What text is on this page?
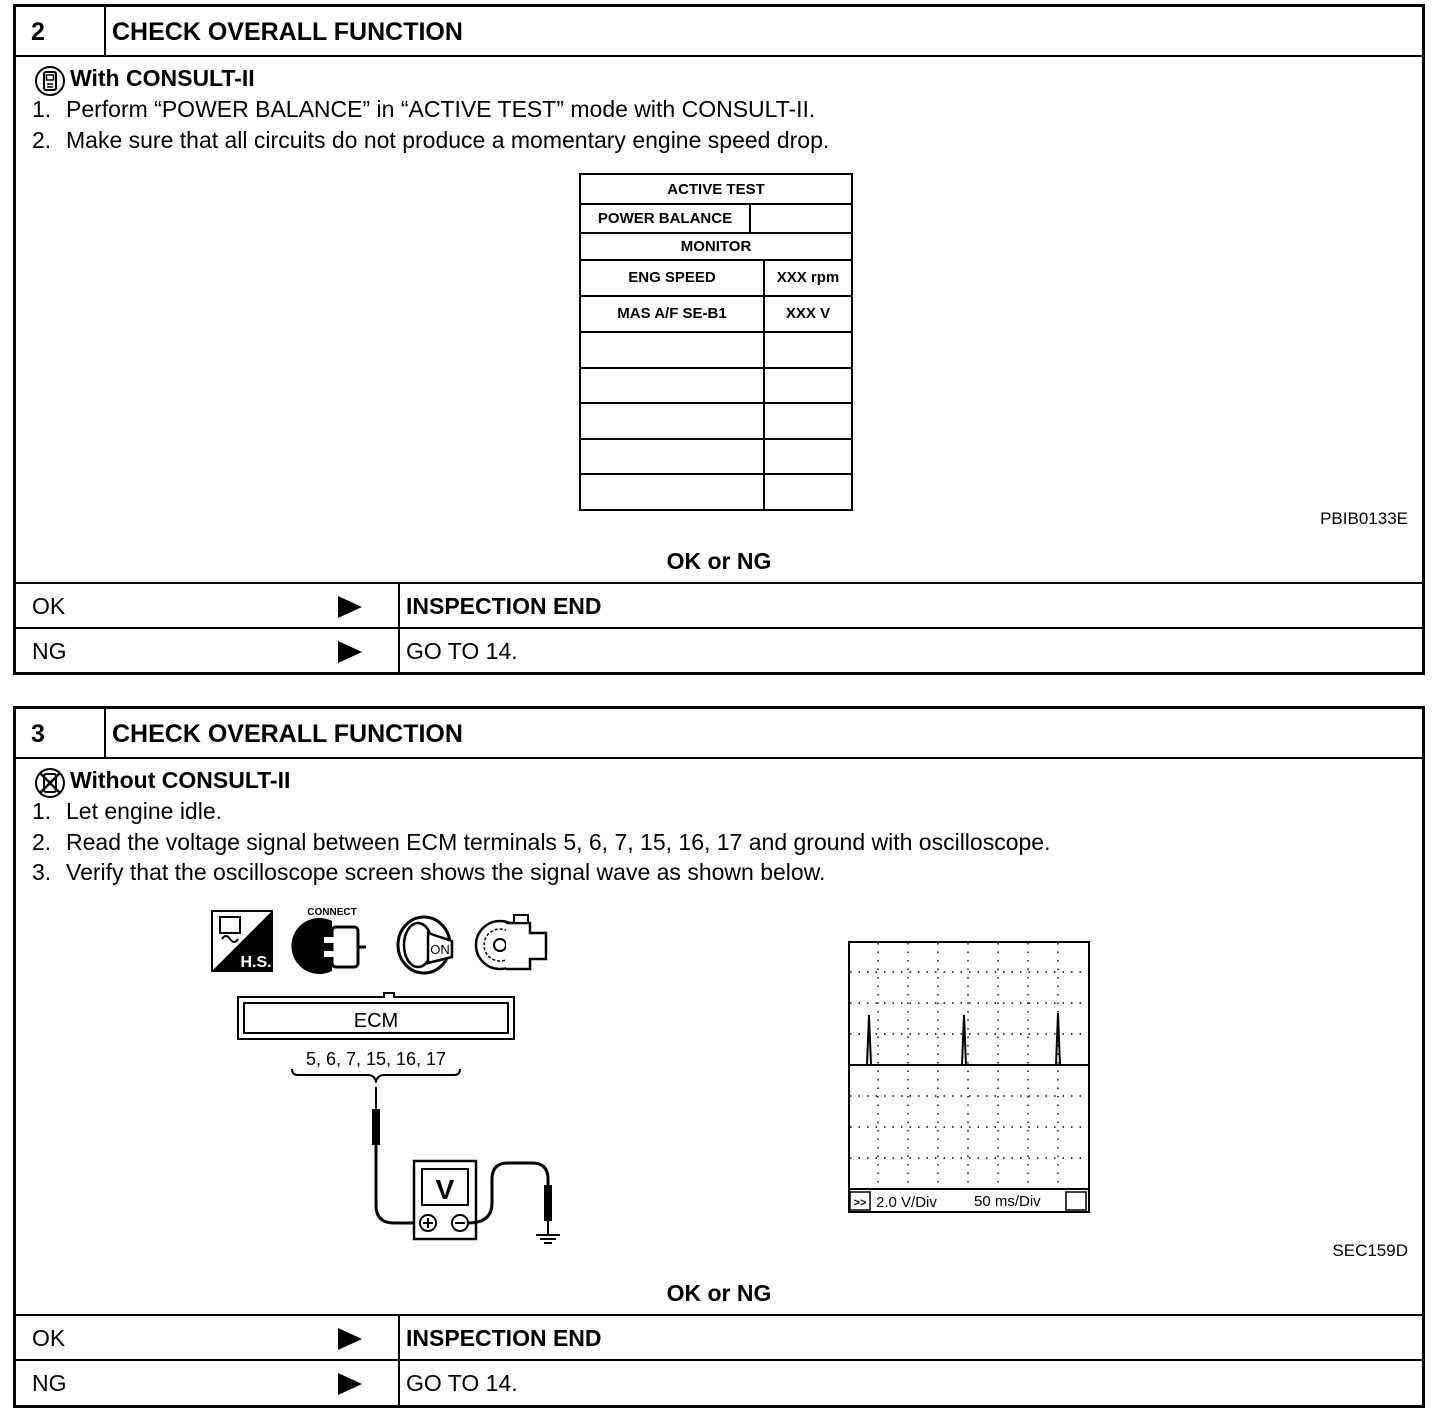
2	CHECK OVERALL FUNCTION
With CONSULT-II
1. Perform “POWER BALANCE” in “ACTIVE TEST” mode with CONSULT-II.
2. Make sure that all circuits do not produce a momentary engine speed drop.
ACTIVE TEST
POWER BALANCE
MONITOR
ENG SPEED	XXX rpm
MAS A/F SE-B1	XXX V
PBIB0133E
OK or NG
OK	INSPECTION END
NG	GO TO 14.
3	CHECK OVERALL FUNCTION
Without CONSULT-II
1. Let engine idle.
2. Read the voltage signal between ECM terminals 5, 6, 7, 15, 16, 17 and ground with oscilloscope.
3. Verify that the oscilloscope screen shows the signal wave as shown below.
H.S.
CONNECT
ON
ECM
5, 6, 7, 15, 16, 17
V	>> 2.0 V/Div 50 ms/Div
SEC159D
OK or NG
OK	INSPECTION END
NG	GO TO 14.
